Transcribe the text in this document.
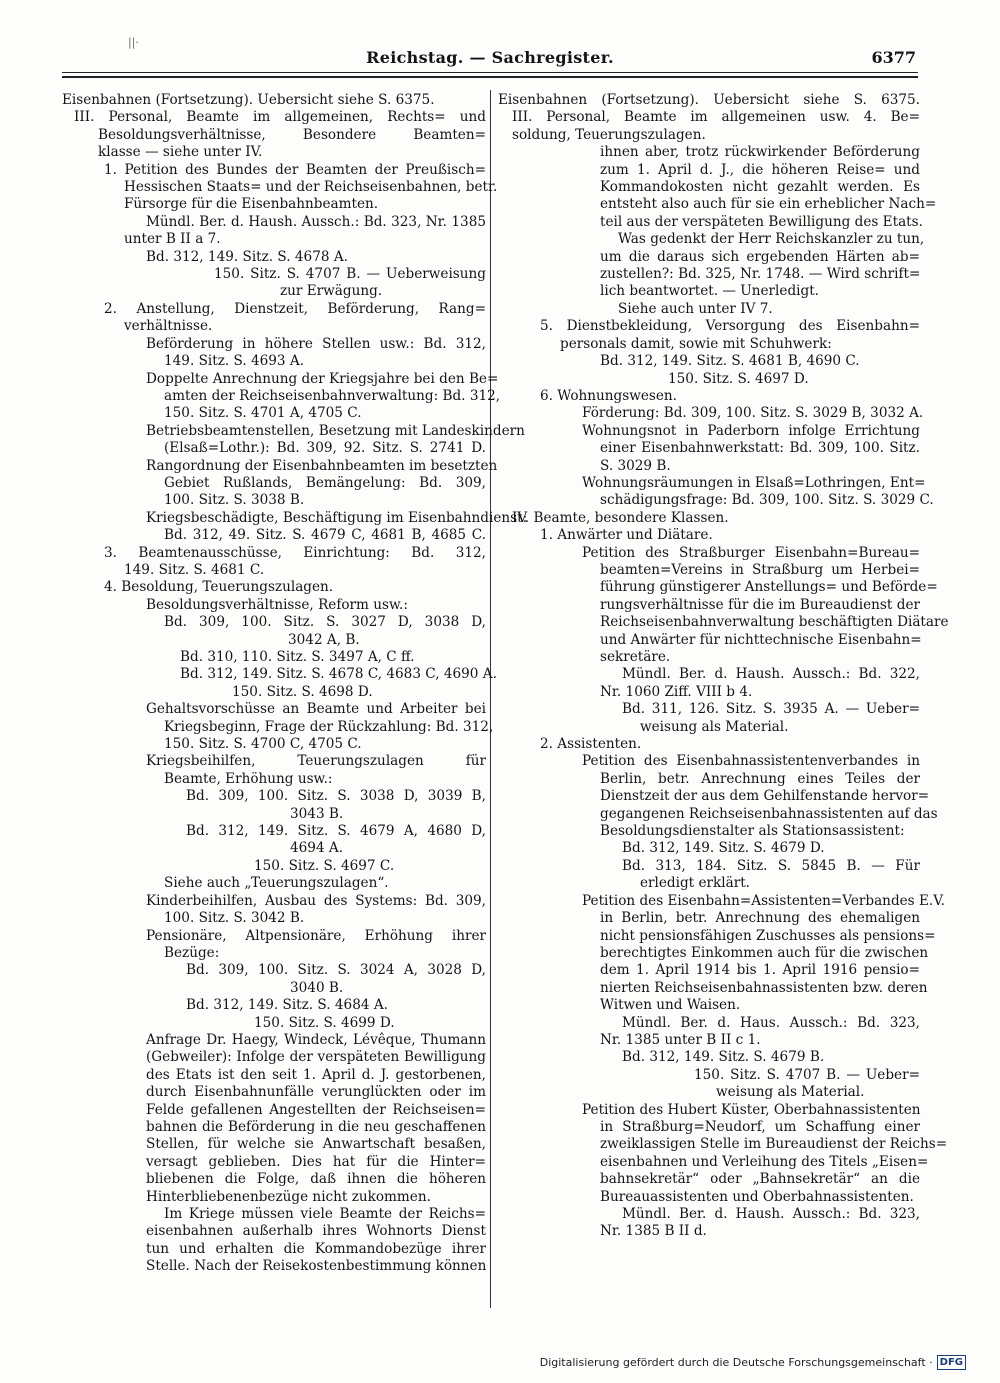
||·
Reichstag. — Sachregister.	6377
Eisenbahnen (Fortsetzung). Uebersicht siehe S. 6375.
III. Personal, Beamte im allgemeinen, Rechts= und
Besoldungsverhältnisse, Besondere Beamten=
klasse — siehe unter IV.
1. Petition des Bundes der Beamten der Preußisch=
Hessischen Staats= und der Reichseisenbahnen, betr.
Fürsorge für die Eisenbahnbeamten.
Mündl. Ber. d. Haush. Aussch.: Bd. 323, Nr. 1385
unter B II a 7.
Bd. 312, 149. Sitz. S. 4678 A.
150. Sitz. S. 4707 B. — Ueberweisung
zur Erwägung.
2. Anstellung, Dienstzeit, Beförderung, Rang=
verhältnisse.
Beförderung in höhere Stellen usw.: Bd. 312,
149. Sitz. S. 4693 A.
Doppelte Anrechnung der Kriegsjahre bei den Be=
amten der Reichseisenbahnverwaltung: Bd. 312,
150. Sitz. S. 4701 A, 4705 C.
Betriebsbeamtenstellen, Besetzung mit Landeskindern
(Elsaß=Lothr.): Bd. 309, 92. Sitz. S. 2741 D.
Rangordnung der Eisenbahnbeamten im besetzten
Gebiet Rußlands, Bemängelung: Bd. 309,
100. Sitz. S. 3038 B.
Kriegsbeschädigte, Beschäftigung im Eisenbahndienst:
Bd. 312, 49. Sitz. S. 4679 C, 4681 B, 4685 C.
3. Beamtenausschüsse, Einrichtung: Bd. 312,
149. Sitz. S. 4681 C.
4. Besoldung, Teuerungszulagen.
Besoldungsverhältnisse, Reform usw.:
Bd. 309, 100. Sitz. S. 3027 D, 3038 D,
3042 A, B.
Bd. 310, 110. Sitz. S. 3497 A, C ff.
Bd. 312, 149. Sitz. S. 4678 C, 4683 C, 4690 A.
150. Sitz. S. 4698 D.
Gehaltsvorschüsse an Beamte und Arbeiter bei
Kriegsbeginn, Frage der Rückzahlung: Bd. 312,
150. Sitz. S. 4700 C, 4705 C.
Kriegsbeihilfen, Teuerungszulagen für
Beamte, Erhöhung usw.:
Bd. 309, 100. Sitz. S. 3038 D, 3039 B,
3043 B.
Bd. 312, 149. Sitz. S. 4679 A, 4680 D,
4694 A.
150. Sitz. S. 4697 C.
Siehe auch „Teuerungszulagen“.
Kinderbeihilfen, Ausbau des Systems: Bd. 309,
100. Sitz. S. 3042 B.
Pensionäre, Altpensionäre, Erhöhung ihrer
Bezüge:
Bd. 309, 100. Sitz. S. 3024 A, 3028 D,
3040 B.
Bd. 312, 149. Sitz. S. 4684 A.
150. Sitz. S. 4699 D.
Anfrage Dr. Haegy, Windeck, Lévêque, Thumann
(Gebweiler): Infolge der verspäteten Bewilligung
des Etats ist den seit 1. April d. J. gestorbenen,
durch Eisenbahnunfälle verunglückten oder im
Felde gefallenen Angestellten der Reichseisen=
bahnen die Beförderung in die neu geschaffenen
Stellen, für welche sie Anwartschaft besaßen,
versagt geblieben. Dies hat für die Hinter=
bliebenen die Folge, daß ihnen die höheren
Hinterbliebenenbezüge nicht zukommen.
Im Kriege müssen viele Beamte der Reichs=
eisenbahnen außerhalb ihres Wohnorts Dienst
tun und erhalten die Kommandobezüge ihrer
Stelle. Nach der Reisekostenbestimmung können
Eisenbahnen (Fortsetzung). Uebersicht siehe S. 6375.
III. Personal, Beamte im allgemeinen usw. 4. Be=
soldung, Teuerungszulagen.
ihnen aber, trotz rückwirkender Beförderung
zum 1. April d. J., die höheren Reise= und
Kommandokosten nicht gezahlt werden. Es
entsteht also auch für sie ein erheblicher Nach=
teil aus der verspäteten Bewilligung des Etats.
Was gedenkt der Herr Reichskanzler zu tun,
um die daraus sich ergebenden Härten ab=
zustellen?: Bd. 325, Nr. 1748. — Wird schrift=
lich beantwortet. — Unerledigt.
Siehe auch unter IV 7.
5. Dienstbekleidung, Versorgung des Eisenbahn=
personals damit, sowie mit Schuhwerk:
Bd. 312, 149. Sitz. S. 4681 B, 4690 C.
150. Sitz. S. 4697 D.
6. Wohnungswesen.
Förderung: Bd. 309, 100. Sitz. S. 3029 B, 3032 A.
Wohnungsnot in Paderborn infolge Errichtung
einer Eisenbahnwerkstatt: Bd. 309, 100. Sitz.
S. 3029 B.
Wohnungsräumungen in Elsaß=Lothringen, Ent=
schädigungsfrage: Bd. 309, 100. Sitz. S. 3029 C.
IV. Beamte, besondere Klassen.
1. Anwärter und Diätare.
Petition des Straßburger Eisenbahn=Bureau=
beamten=Vereins in Straßburg um Herbei=
führung günstigerer Anstellungs= und Beförde=
rungsverhältnisse für die im Bureaudienst der
Reichseisenbahnverwaltung beschäftigten Diätare
und Anwärter für nichttechnische Eisenbahn=
sekretäre.
Mündl. Ber. d. Haush. Aussch.: Bd. 322,
Nr. 1060 Ziff. VIII b 4.
Bd. 311, 126. Sitz. S. 3935 A. — Ueber=
weisung als Material.
2. Assistenten.
Petition des Eisenbahnassistentenverbandes in
Berlin, betr. Anrechnung eines Teiles der
Dienstzeit der aus dem Gehilfenstande hervor=
gegangenen Reichseisenbahnassistenten auf das
Besoldungsdienstalter als Stationsassistent:
Bd. 312, 149. Sitz. S. 4679 D.
Bd. 313, 184. Sitz. S. 5845 B. — Für
erledigt erklärt.
Petition des Eisenbahn=Assistenten=Verbandes E.V.
in Berlin, betr. Anrechnung des ehemaligen
nicht pensionsfähigen Zuschusses als pensions=
berechtigtes Einkommen auch für die zwischen
dem 1. April 1914 bis 1. April 1916 pensio=
nierten Reichseisenbahnassistenten bzw. deren
Witwen und Waisen.
Mündl. Ber. d. Haus. Aussch.: Bd. 323,
Nr. 1385 unter B II c 1.
Bd. 312, 149. Sitz. S. 4679 B.
150. Sitz. S. 4707 B. — Ueber=
weisung als Material.
Petition des Hubert Küster, Oberbahnassistenten
in Straßburg=Neudorf, um Schaffung einer
zweiklassigen Stelle im Bureaudienst der Reichs=
eisenbahnen und Verleihung des Titels „Eisen=
bahnsekretär“ oder „Bahnsekretär“ an die
Bureauassistenten und Oberbahnassistenten.
Mündl. Ber. d. Haush. Aussch.: Bd. 323,
Nr. 1385 B II d.
Digitalisierung gefördert durch die Deutsche Forschungsgemeinschaft · DFG
